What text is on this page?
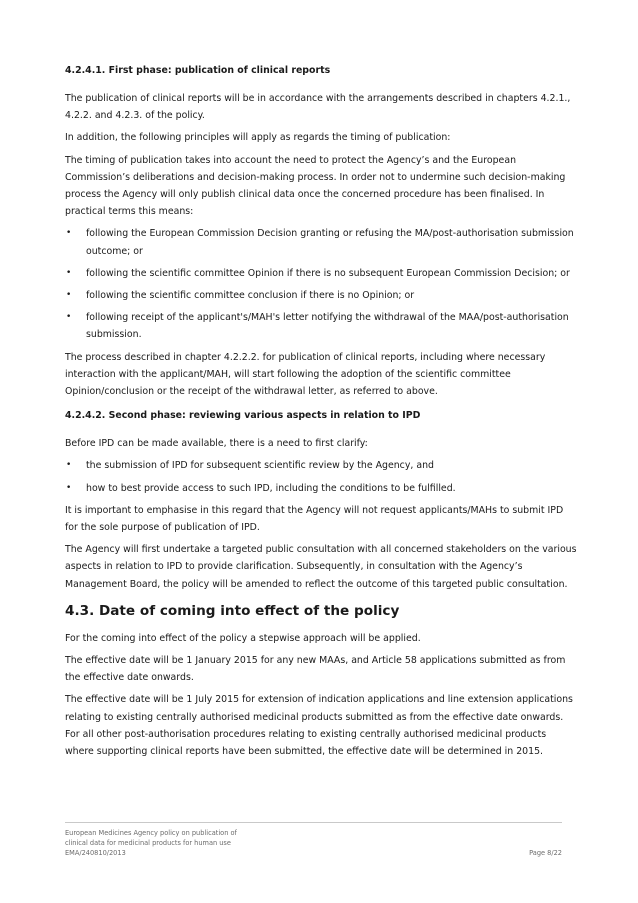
4.2.4.1. First phase: publication of clinical reports

The publication of clinical reports will be in accordance with the arrangements described in chapters 4.2.1., 4.2.2. and 4.2.3. of the policy.

In addition, the following principles will apply as regards the timing of publication:

The timing of publication takes into account the need to protect the Agency’s and the European Commission’s deliberations and decision-making process. In order not to undermine such decision-making process the Agency will only publish clinical data once the concerned procedure has been finalised. In practical terms this means:

• following the European Commission Decision granting or refusing the MA/post-authorisation submission outcome; or
• following the scientific committee Opinion if there is no subsequent European Commission Decision; or
• following the scientific committee conclusion if there is no Opinion; or
• following receipt of the applicant's/MAH's letter notifying the withdrawal of the MAA/post-authorisation submission.

The process described in chapter 4.2.2.2. for publication of clinical reports, including where necessary interaction with the applicant/MAH, will start following the adoption of the scientific committee Opinion/conclusion or the receipt of the withdrawal letter, as referred to above.

4.2.4.2. Second phase: reviewing various aspects in relation to IPD

Before IPD can be made available, there is a need to first clarify:

• the submission of IPD for subsequent scientific review by the Agency, and
• how to best provide access to such IPD, including the conditions to be fulfilled.

It is important to emphasise in this regard that the Agency will not request applicants/MAHs to submit IPD for the sole purpose of publication of IPD.

The Agency will first undertake a targeted public consultation with all concerned stakeholders on the various aspects in relation to IPD to provide clarification. Subsequently, in consultation with the Agency’s Management Board, the policy will be amended to reflect the outcome of this targeted public consultation.

4.3. Date of coming into effect of the policy

For the coming into effect of the policy a stepwise approach will be applied.

The effective date will be 1 January 2015 for any new MAAs, and Article 58 applications submitted as from the effective date onwards.

The effective date will be 1 July 2015 for extension of indication applications and line extension applications relating to existing centrally authorised medicinal products submitted as from the effective date onwards. For all other post-authorisation procedures relating to existing centrally authorised medicinal products where supporting clinical reports have been submitted, the effective date will be determined in 2015.

European Medicines Agency policy on publication of
clinical data for medicinal products for human use
EMA/240810/2013	Page 8/22
